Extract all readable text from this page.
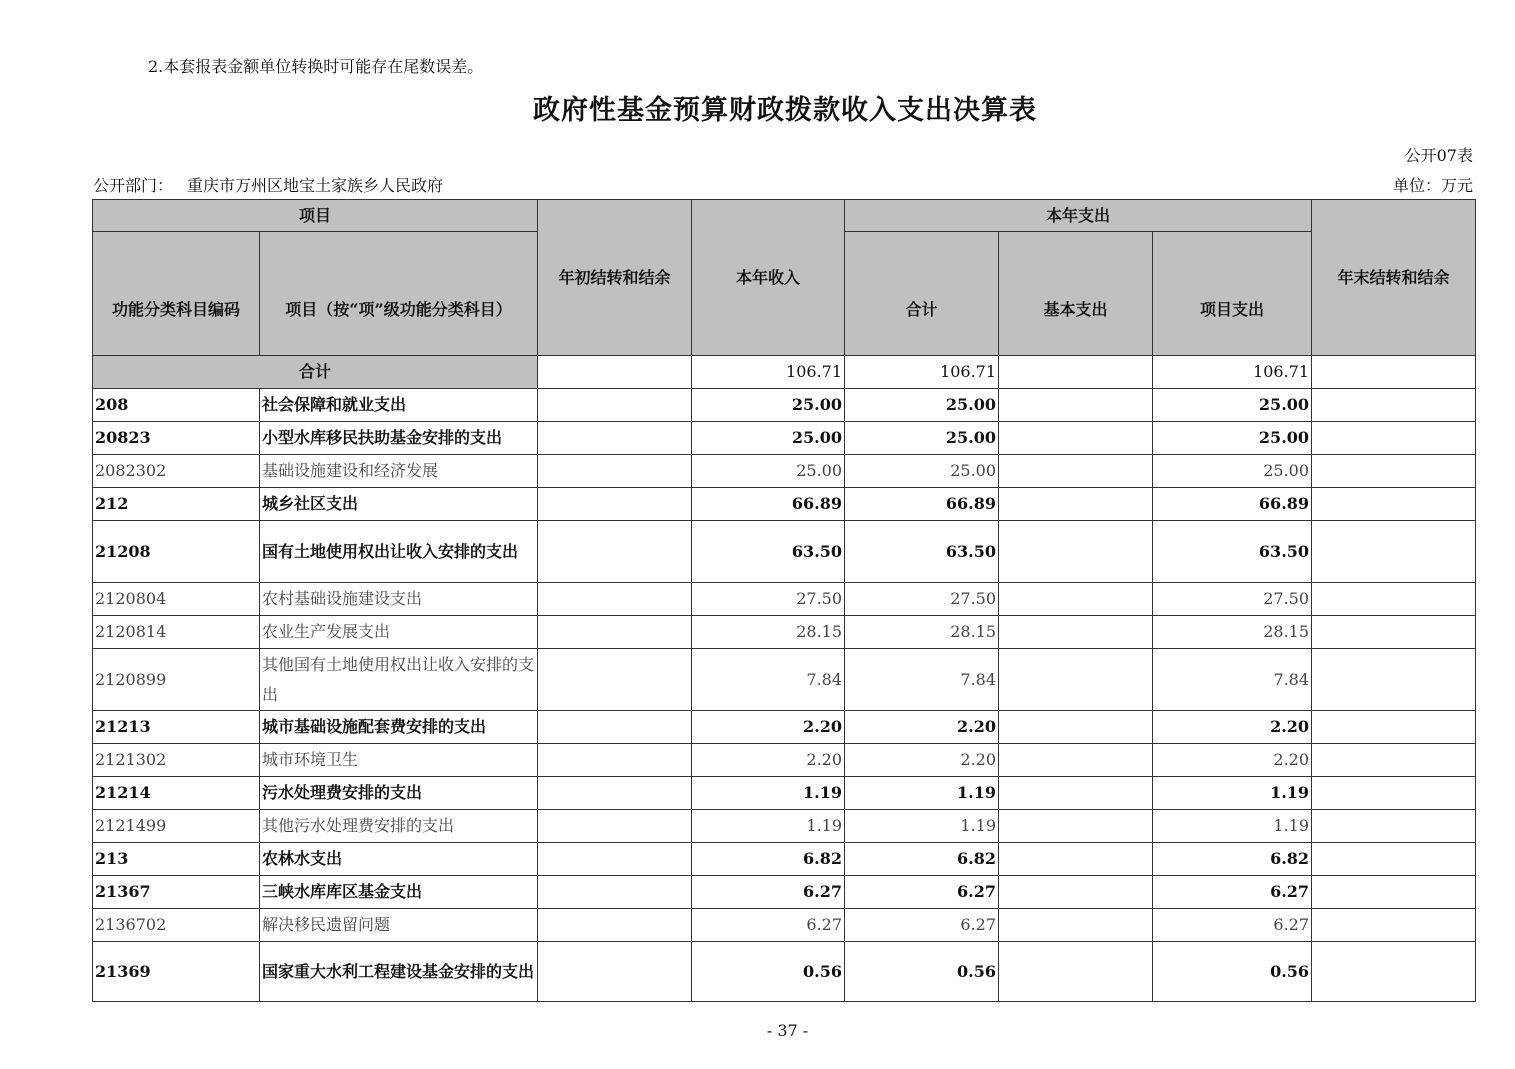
2.本套报表金额单位转换时可能存在尾数误差。
政府性基金预算财政拨款收入支出决算表
公开07表
公开部门： 重庆市万州区地宝土家族乡人民政府	单位：万元
项目		年初结转和结余	本年收入	本年支出			年末结转和结余
功能分类科目编码	项目（按“项”级功能分类科目）			合计	基本支出	项目支出	
合计			106.71	106.71		106.71	
208	社会保障和就业支出		25.00	25.00		25.00	
20823	小型水库移民扶助基金安排的支出		25.00	25.00		25.00	
2082302	基础设施建设和经济发展		25.00	25.00		25.00	
212	城乡社区支出		66.89	66.89		66.89	
21208	国有土地使用权出让收入安排的支出		63.50	63.50		63.50	
2120804	农村基础设施建设支出		27.50	27.50		27.50	
2120814	农业生产发展支出		28.15	28.15		28.15	
2120899	其他国有土地使用权出让收入安排的支出		7.84	7.84		7.84	
21213	城市基础设施配套费安排的支出		2.20	2.20		2.20	
2121302	城市环境卫生		2.20	2.20		2.20	
21214	污水处理费安排的支出		1.19	1.19		1.19	
2121499	其他污水处理费安排的支出		1.19	1.19		1.19	
213	农林水支出		6.82	6.82		6.82	
21367	三峡水库库区基金支出		6.27	6.27		6.27	
2136702	解决移民遗留问题		6.27	6.27		6.27	
21369	国家重大水利工程建设基金安排的支出		0.56	0.56		0.56	
- 37 -
